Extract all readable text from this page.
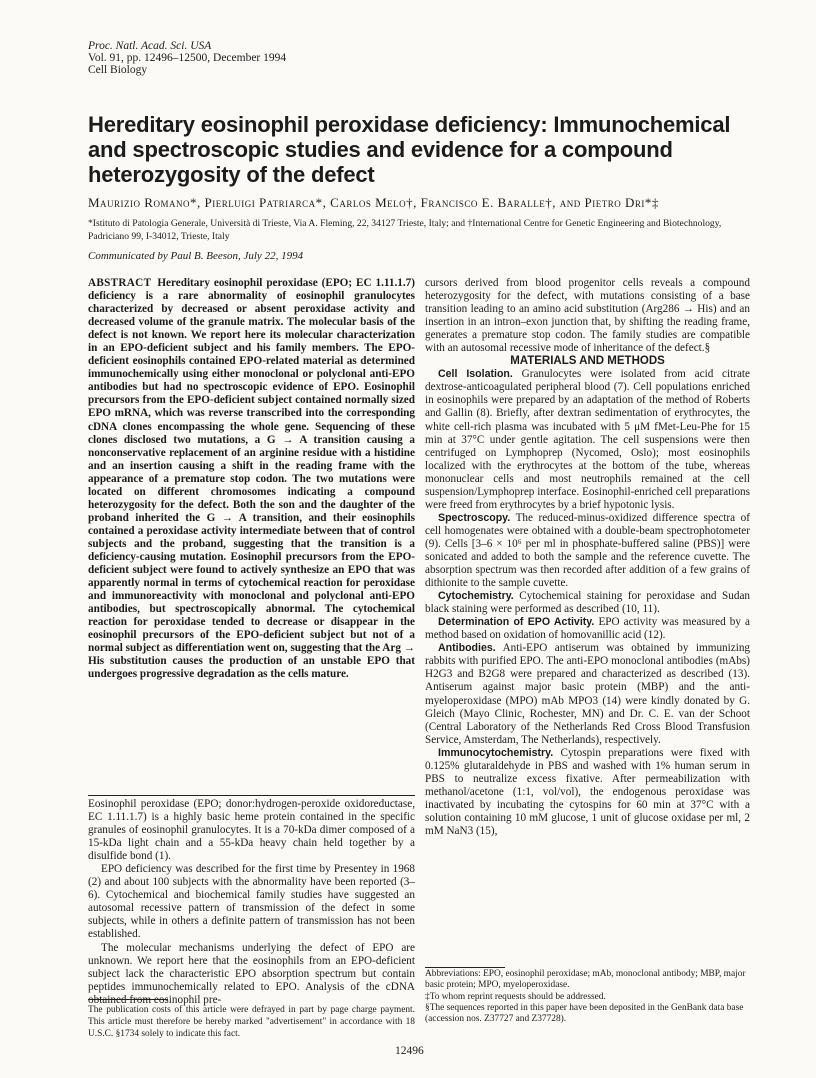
Proc. Natl. Acad. Sci. USA
Vol. 91, pp. 12496–12500, December 1994
Cell Biology
Hereditary eosinophil peroxidase deficiency: Immunochemical and spectroscopic studies and evidence for a compound heterozygosity of the defect
Maurizio Romano*, Pierluigi Patriarca*, Carlos Melo†, Francisco E. Baralle†, and Pietro Dri*‡
*Istituto di Patologia Generale, Università di Trieste, Via A. Fleming, 22, 34127 Trieste, Italy; and †International Centre for Genetic Engineering and Biotechnology, Padriciano 99, I-34012, Trieste, Italy
Communicated by Paul B. Beeson, July 22, 1994

ABSTRACT Hereditary eosinophil peroxidase (EPO; EC 1.11.1.7) deficiency is a rare abnormality of eosinophil granulocytes characterized by decreased or absent peroxidase activity and decreased volume of the granule matrix. The molecular basis of the defect is not known. We report here its molecular characterization in an EPO-deficient subject and his family members. The EPO-deficient eosinophils contained EPO-related material as determined immunochemically using either monoclonal or polyclonal anti-EPO antibodies but had no spectroscopic evidence of EPO. Eosinophil precursors from the EPO-deficient subject contained normally sized EPO mRNA, which was reverse transcribed into the corresponding cDNA clones encompassing the whole gene. Sequencing of these clones disclosed two mutations, a G → A transition causing a nonconservative replacement of an arginine residue with a histidine and an insertion causing a shift in the reading frame with the appearance of a premature stop codon. The two mutations were located on different chromosomes indicating a compound heterozygosity for the defect. Both the son and the daughter of the proband inherited the G → A transition, and their eosinophils contained a peroxidase activity intermediate between that of control subjects and the proband, suggesting that the transition is a deficiency-causing mutation. Eosinophil precursors from the EPO-deficient subject were found to actively synthesize an EPO that was apparently normal in terms of cytochemical reaction for peroxidase and immunoreactivity with monoclonal and polyclonal anti-EPO antibodies, but spectroscopically abnormal. The cytochemical reaction for peroxidase tended to decrease or disappear in the eosinophil precursors of the EPO-deficient subject but not of a normal subject as differentiation went on, suggesting that the Arg → His substitution causes the production of an unstable EPO that undergoes progressive degradation as the cells mature.

Eosinophil peroxidase (EPO; donor:hydrogen-peroxide oxidoreductase, EC 1.11.1.7) is a highly basic heme protein contained in the specific granules of eosinophil granulocytes. It is a 70-kDa dimer composed of a 15-kDa light chain and a 55-kDa heavy chain held together by a disulfide bond (1).

EPO deficiency was described for the first time by Presentey in 1968 (2) and about 100 subjects with the abnormality have been reported (3–6). Cytochemical and biochemical family studies have suggested an autosomal recessive pattern of transmission of the defect in some subjects, while in others a definite pattern of transmission has not been established.

The molecular mechanisms underlying the defect of EPO are unknown. We report here that the eosinophils from an EPO-deficient subject lack the characteristic EPO absorption spectrum but contain peptides immunochemically related to EPO. Analysis of the cDNA obtained from eosinophil pre-

The publication costs of this article were defrayed in part by page charge payment. This article must therefore be hereby marked "advertisement" in accordance with 18 U.S.C. §1734 solely to indicate this fact.

cursors derived from blood progenitor cells reveals a compound heterozygosity for the defect, with mutations consisting of a base transition leading to an amino acid substitution (Arg286 → His) and an insertion in an intron–exon junction that, by shifting the reading frame, generates a premature stop codon. The family studies are compatible with an autosomal recessive mode of inheritance of the defect.§

MATERIALS AND METHODS

Cell Isolation. Granulocytes were isolated from acid citrate dextrose-anticoagulated peripheral blood (7). Cell populations enriched in eosinophils were prepared by an adaptation of the method of Roberts and Gallin (8). Briefly, after dextran sedimentation of erythrocytes, the white cell-rich plasma was incubated with 5 μM fMet-Leu-Phe for 15 min at 37°C under gentle agitation. The cell suspensions were then centrifuged on Lymphoprep (Nycomed, Oslo); most eosinophils localized with the erythrocytes at the bottom of the tube, whereas mononuclear cells and most neutrophils remained at the cell suspension/Lymphoprep interface. Eosinophil-enriched cell preparations were freed from erythrocytes by a brief hypotonic lysis.

Spectroscopy. The reduced-minus-oxidized difference spectra of cell homogenates were obtained with a double-beam spectrophotometer (9). Cells [3–6 × 10⁶ per ml in phosphate-buffered saline (PBS)] were sonicated and added to both the sample and the reference cuvette. The absorption spectrum was then recorded after addition of a few grains of dithionite to the sample cuvette.

Cytochemistry. Cytochemical staining for peroxidase and Sudan black staining were performed as described (10, 11).

Determination of EPO Activity. EPO activity was measured by a method based on oxidation of homovanillic acid (12).

Antibodies. Anti-EPO antiserum was obtained by immunizing rabbits with purified EPO. The anti-EPO monoclonal antibodies (mAbs) H2G3 and B2G8 were prepared and characterized as described (13). Antiserum against major basic protein (MBP) and the anti-myeloperoxidase (MPO) mAb MPO3 (14) were kindly donated by G. Gleich (Mayo Clinic, Rochester, MN) and Dr. C. E. van der Schoot (Central Laboratory of the Netherlands Red Cross Blood Transfusion Service, Amsterdam, The Netherlands), respectively.

Immunocytochemistry. Cytospin preparations were fixed with 0.125% glutaraldehyde in PBS and washed with 1% human serum in PBS to neutralize excess fixative. After permeabilization with methanol/acetone (1:1, vol/vol), the endogenous peroxidase was inactivated by incubating the cytospins for 60 min at 37°C with a solution containing 10 mM glucose, 1 unit of glucose oxidase per ml, 2 mM NaN3 (15),

Abbreviations: EPO, eosinophil peroxidase; mAb, monoclonal antibody; MBP, major basic protein; MPO, myeloperoxidase.

‡To whom reprint requests should be addressed.

§The sequences reported in this paper have been deposited in the GenBank data base (accession nos. Z37727 and Z37728).

12496
